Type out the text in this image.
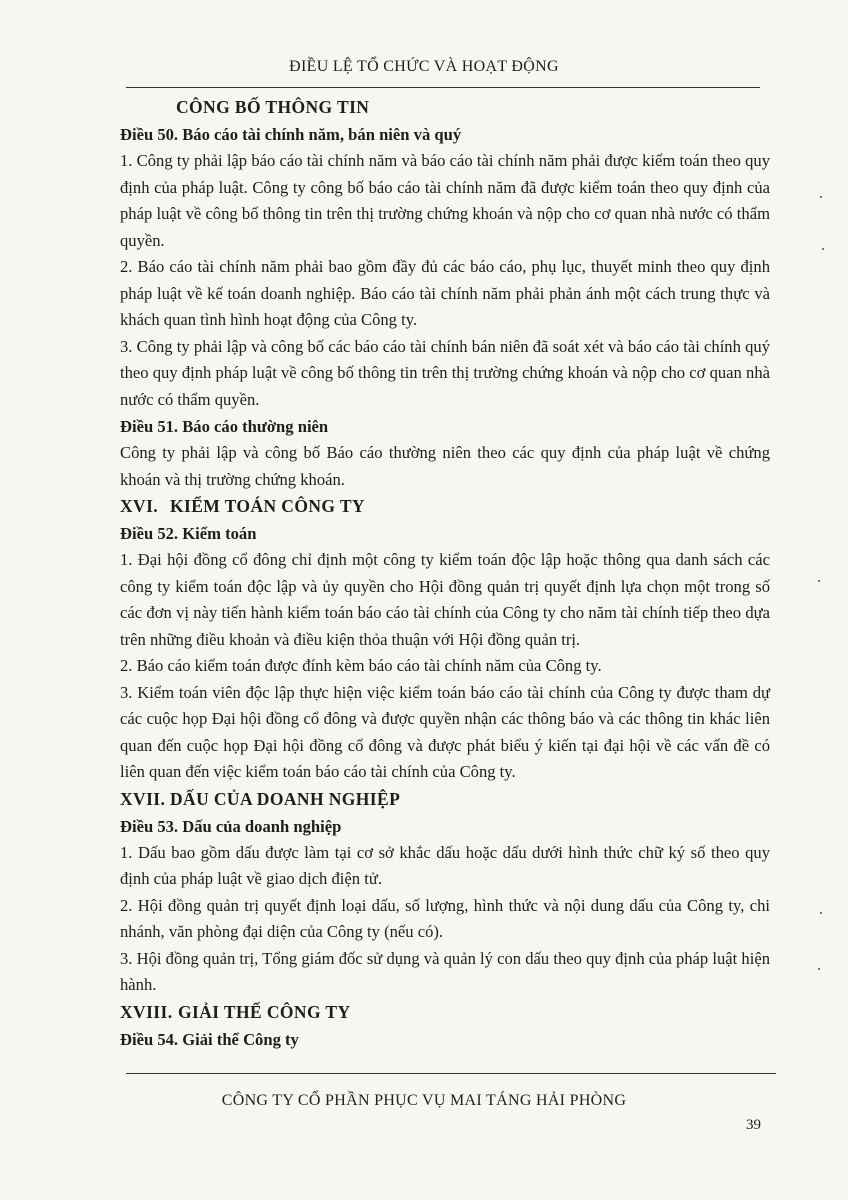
ĐIỀU LỆ TỔ CHỨC VÀ HOẠT ĐỘNG
CÔNG BỐ THÔNG TIN

Điều 50. Báo cáo tài chính năm, bán niên và quý

1. Công ty phải lập báo cáo tài chính năm và báo cáo tài chính năm phải được kiểm toán theo quy định của pháp luật. Công ty công bố báo cáo tài chính năm đã được kiểm toán theo quy định của pháp luật về công bố thông tin trên thị trường chứng khoán và nộp cho cơ quan nhà nước có thẩm quyền.

2. Báo cáo tài chính năm phải bao gồm đầy đủ các báo cáo, phụ lục, thuyết minh theo quy định pháp luật về kế toán doanh nghiệp. Báo cáo tài chính năm phải phản ánh một cách trung thực và khách quan tình hình hoạt động của Công ty.

3. Công ty phải lập và công bố các báo cáo tài chính bán niên đã soát xét và báo cáo tài chính quý theo quy định pháp luật về công bố thông tin trên thị trường chứng khoán và nộp cho cơ quan nhà nước có thẩm quyền.

Điều 51. Báo cáo thường niên

Công ty phải lập và công bố Báo cáo thường niên theo các quy định của pháp luật về chứng khoán và thị trường chứng khoán.

XVI. KIỂM TOÁN CÔNG TY

Điều 52. Kiểm toán

1. Đại hội đồng cổ đông chỉ định một công ty kiểm toán độc lập hoặc thông qua danh sách các công ty kiểm toán độc lập và ủy quyền cho Hội đồng quản trị quyết định lựa chọn một trong số các đơn vị này tiến hành kiểm toán báo cáo tài chính của Công ty cho năm tài chính tiếp theo dựa trên những điều khoản và điều kiện thỏa thuận với Hội đồng quản trị.

2. Báo cáo kiểm toán được đính kèm báo cáo tài chính năm của Công ty.

3. Kiểm toán viên độc lập thực hiện việc kiểm toán báo cáo tài chính của Công ty được tham dự các cuộc họp Đại hội đồng cổ đông và được quyền nhận các thông báo và các thông tin khác liên quan đến cuộc họp Đại hội đồng cổ đông và được phát biểu ý kiến tại đại hội về các vấn đề có liên quan đến việc kiểm toán báo cáo tài chính của Công ty.

XVII. DẤU CỦA DOANH NGHIỆP

Điều 53. Dấu của doanh nghiệp

1. Dấu bao gồm dấu được làm tại cơ sở khắc dấu hoặc dấu dưới hình thức chữ ký số theo quy định của pháp luật về giao dịch điện tử.

2. Hội đồng quản trị quyết định loại dấu, số lượng, hình thức và nội dung dấu của Công ty, chi nhánh, văn phòng đại diện của Công ty (nếu có).

3. Hội đồng quản trị, Tổng giám đốc sử dụng và quản lý con dấu theo quy định của pháp luật hiện hành.

XVIII. GIẢI THỂ CÔNG TY

Điều 54. Giải thể Công ty

CÔNG TY CỔ PHẦN PHỤC VỤ MAI TÁNG HẢI PHÒNG
39
